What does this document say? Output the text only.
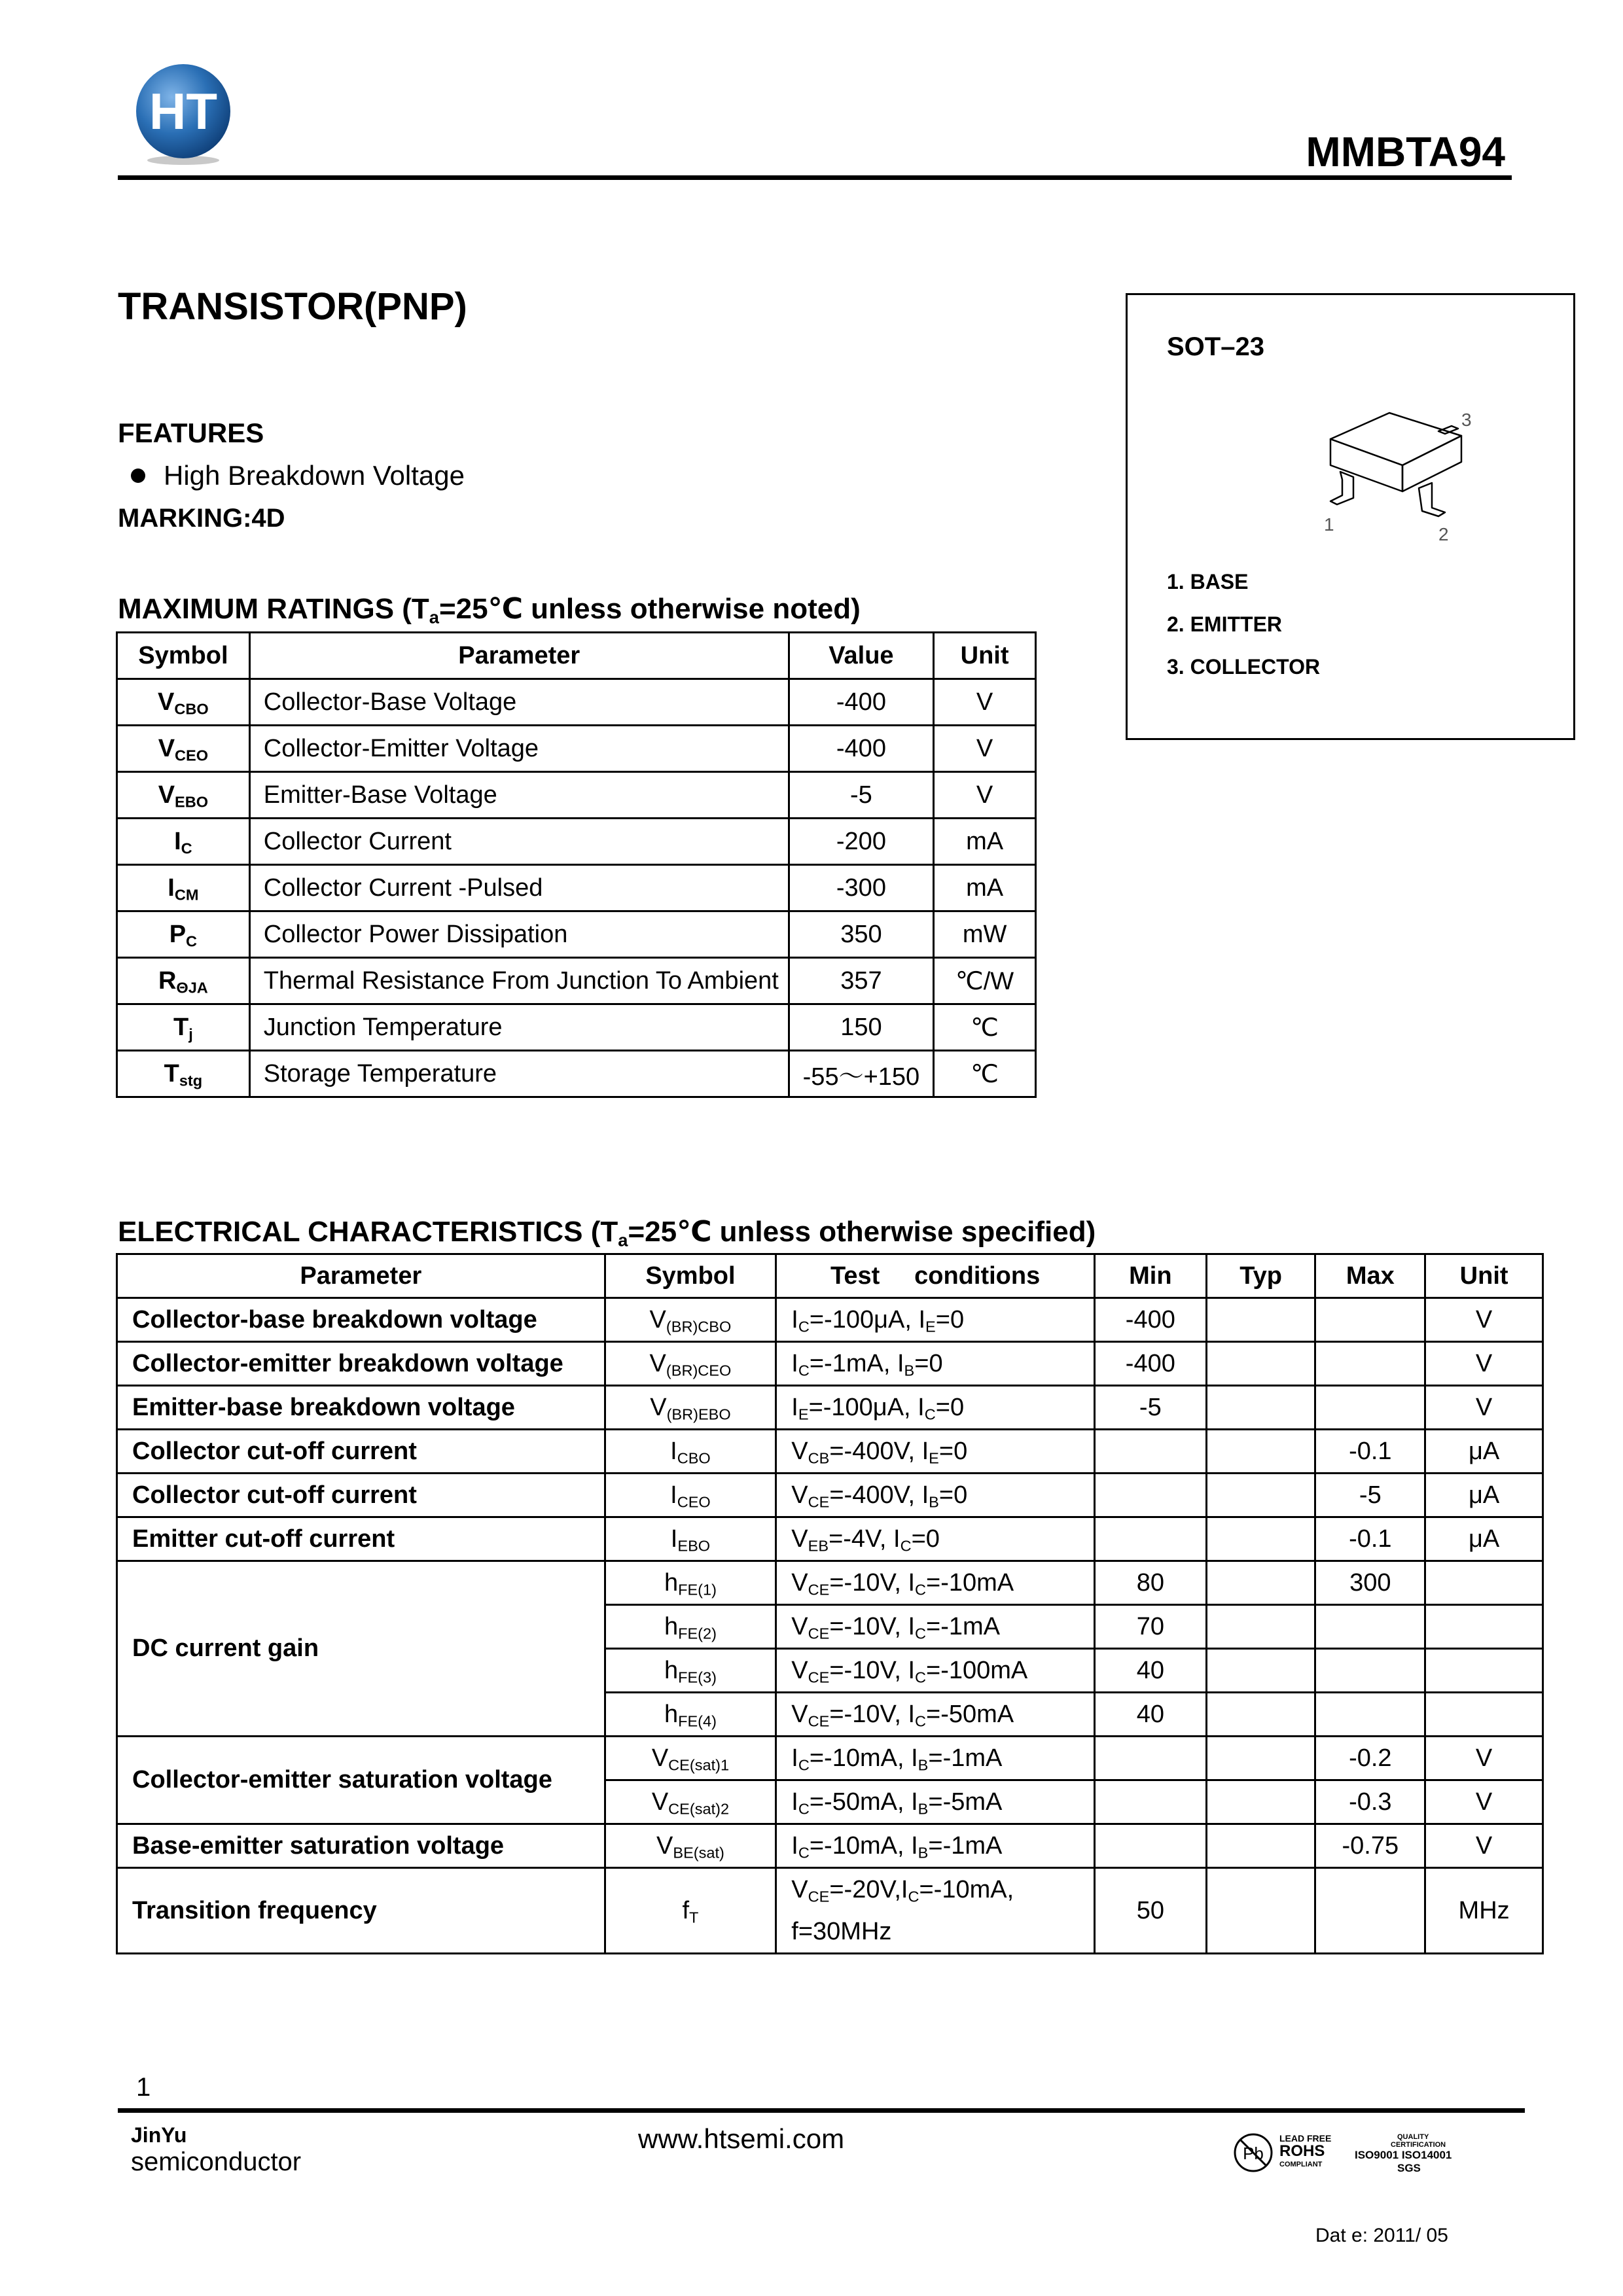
HT
MMBTA94
TRANSISTOR(PNP)
FEATURES
High Breakdown Voltage
MARKING:4D
SOT–23
1	2
3
1. BASE
2. EMITTER
3. COLLECTOR
MAXIMUM RATINGS ($T_a=25℃$ unless otherwise noted)
Symbol	Parameter	Value	Unit
$V_{CBO}$	Collector-Base Voltage	-400	V
$V_{CEO}$	Collector-Emitter Voltage	-400	V
$V_{EBO}$	Emitter-Base Voltage	-5	V
$I_C$	Collector Current	-200	mA
$I_{CM}$	Collector Current -Pulsed	-300	mA
$P_C$	Collector Power Dissipation	350	mW
$R_{\Theta JA}$	Thermal Resistance From Junction To Ambient	357	℃/W
$T_j$	Junction Temperature	150	℃
$T_{stg}$	Storage Temperature	-55～+150	℃
ELECTRICAL CHARACTERISTICS ($T_a=25℃$ unless otherwise specified)
Parameter	Symbol	Test     conditions	Min	Typ	Max	Unit
Collector-base breakdown voltage	$V_{(BR)CBO}$	$I_C=-100\mu A$, $I_E=0$	-400			V
Collector-emitter breakdown voltage	$V_{(BR)CEO}$	$I_C=-1mA$, $I_B=0$	-400			V
Emitter-base breakdown voltage	$V_{(BR)EBO}$	$I_E=-100\mu A$, $I_C=0$	-5			V
Collector cut-off current	$I_{CBO}$	$V_{CB}=-400V$, $I_E=0$			-0.1	μA
Collector cut-off current	$I_{CEO}$	$V_{CE}=-400V$, $I_B=0$			-5	μA
Emitter cut-off current	$I_{EBO}$	$V_{EB}=-4V$, $I_C=0$			-0.1	μA
DC current gain	$h_{FE(1)}$	$V_{CE}=-10V$, $I_C=-10mA$	80		300	
	$h_{FE(2)}$	$V_{CE}=-10V$, $I_C=-1mA$	70			
	$h_{FE(3)}$	$V_{CE}=-10V$, $I_C=-100mA$	40			
	$h_{FE(4)}$	$V_{CE}=-10V$, $I_C=-50mA$	40			
Collector-emitter saturation voltage	$V_{CE(sat)1}$	$I_C=-10mA$, $I_B=-1mA$			-0.2	V
	$V_{CE(sat)2}$	$I_C=-50mA$, $I_B=-5mA$			-0.3	V
Base-emitter saturation voltage	$V_{BE(sat)}$	$I_C=-10mA$, $I_B=-1mA$			-0.75	V
Transition frequency	$f_T$	$V_{CE}=-20V,I_C=-10mA$,
f=30MHz	50			MHz
1
JinYu
semiconductor
www.htsemi.com	Pb
LEAD FREE
ROHS
COMPLIANT
QUALITY
CERTIFICATION
ISO9001 ISO14001
SGS
Dat e: 2011/ 05
